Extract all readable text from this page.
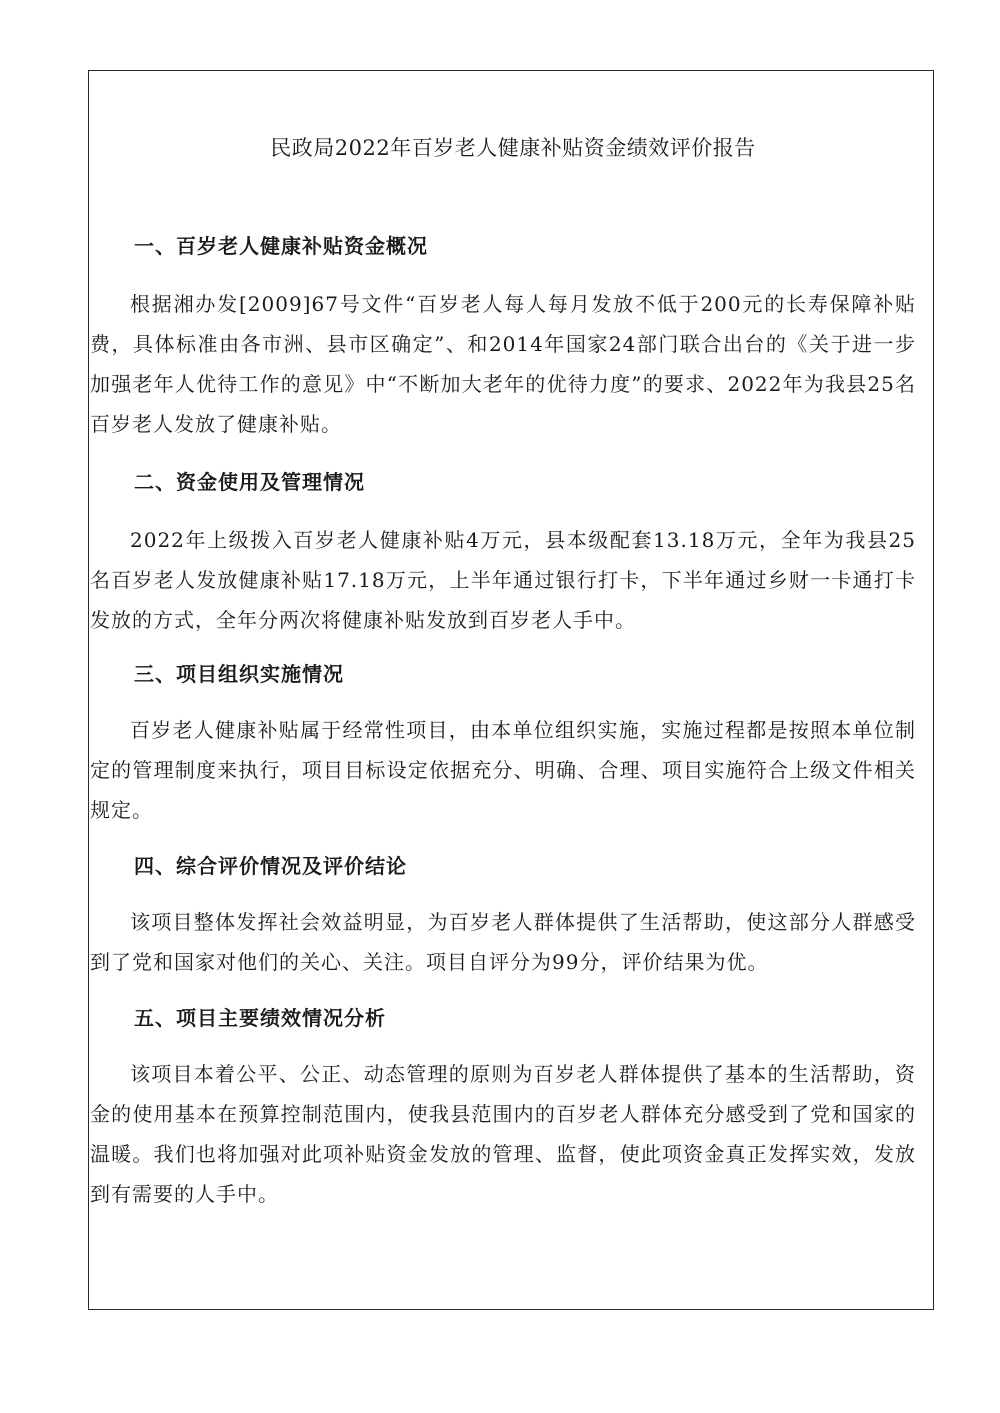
民政局2022年百岁老人健康补贴资金绩效评价报告
一、百岁老人健康补贴资金概况

根据湘办发[2009]67号文件“百岁老人每人每月发放不低于200元的长寿保障补贴费，具体标准由各市洲、县市区确定”、和2014年国家24部门联合出台的《关于进一步加强老年人优待工作的意见》中“不断加大老年的优待力度”的要求、2022年为我县25名百岁老人发放了健康补贴。

二、资金使用及管理情况

2022年上级拨入百岁老人健康补贴4万元，县本级配套13.18万元，全年为我县25名百岁老人发放健康补贴17.18万元，上半年通过银行打卡，下半年通过乡财一卡通打卡发放的方式，全年分两次将健康补贴发放到百岁老人手中。

三、项目组织实施情况

百岁老人健康补贴属于经常性项目，由本单位组织实施，实施过程都是按照本单位制定的管理制度来执行，项目目标设定依据充分、明确、合理、项目实施符合上级文件相关规定。

四、综合评价情况及评价结论

该项目整体发挥社会效益明显，为百岁老人群体提供了生活帮助，使这部分人群感受到了党和国家对他们的关心、关注。项目自评分为99分，评价结果为优。

五、项目主要绩效情况分析

该项目本着公平、公正、动态管理的原则为百岁老人群体提供了基本的生活帮助，资金的使用基本在预算控制范围内，使我县范围内的百岁老人群体充分感受到了党和国家的温暖。我们也将加强对此项补贴资金发放的管理、监督，使此项资金真正发挥实效，发放到有需要的人手中。
